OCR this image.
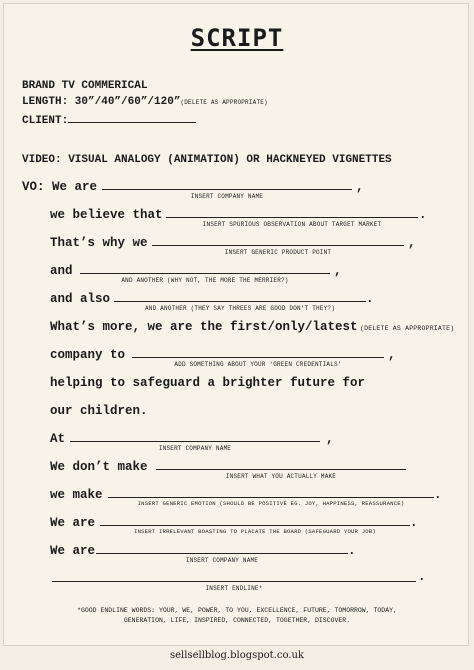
SCRIPT
BRAND TV COMMERICAL
LENGTH: 30”/40”/60”/120”(DELETE AS APPROPRIATE)
CLIENT:
VIDEO: VISUAL ANALOGY (ANIMATION) OR HACKNEYED VIGNETTES
VO: We are
INSERT COMPANY NAME
,
we believe that
INSERT SPURIOUS OBSERVATION ABOUT TARGET MARKET
.
That’s why we
INSERT GENERIC PRODUCT POINT
,
and
AND ANOTHER (WHY NOT, THE MORE THE MERRIER?)
,
and also
AND ANOTHER (THEY SAY THREES ARE GOOD DON’T THEY?)
.
What’s more, we are the first/only/latest (DELETE AS APPROPRIATE)
company to
ADD SOMETHING ABOUT YOUR ‘GREEN CREDENTIALS’
,
helping to safeguard a brighter future for
our children.
At
INSERT COMPANY NAME
,
We don’t make
INSERT WHAT YOU ACTUALLY MAKE
we make
INSERT GENERIC EMOTION (SHOULD BE POSITIVE EG. JOY, HAPPINESS, REASSURANCE)
.
We are
INSERT IRRELEVANT BOASTING TO PLACATE THE BOARD (SAFEGUARD YOUR JOB)
.
We are
INSERT COMPANY NAME
.
INSERT ENDLINE*
.
*GOOD ENDLINE WORDS: YOUR, WE, POWER, TO YOU, EXCELLENCE, FUTURE, TOMORROW, TODAY,
GENERATION, LIFE, INSPIRED, CONNECTED, TOGETHER, DISCOVER.
sellsellblog.blogspot.co.uk
